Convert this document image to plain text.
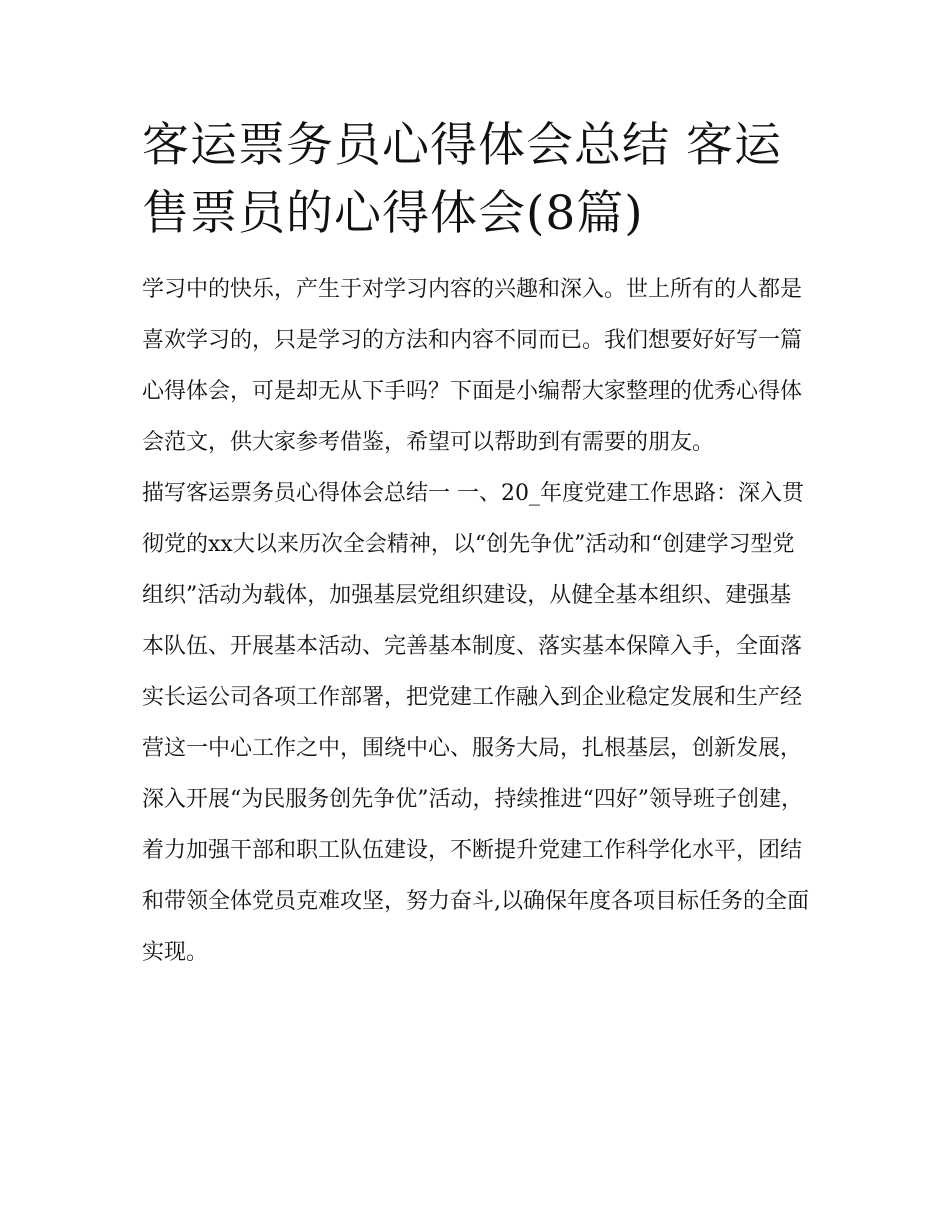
客运票务员心得体会总结 客运售票员的心得体会(8篇)

学习中的快乐，产生于对学习内容的兴趣和深入。世上所有的人都是喜欢学习的，只是学习的方法和内容不同而已。我们想要好好写一篇心得体会，可是却无从下手吗？下面是小编帮大家整理的优秀心得体会范文，供大家参考借鉴，希望可以帮助到有需要的朋友。

描写客运票务员心得体会总结一 一、20_年度党建工作思路：深入贯彻党的xx大以来历次全会精神，以“创先争优”活动和“创建学习型党组织”活动为载体，加强基层党组织建设，从健全基本组织、建强基本队伍、开展基本活动、完善基本制度、落实基本保障入手，全面落实长运公司各项工作部署，把党建工作融入到企业稳定发展和生产经营这一中心工作之中，围绕中心、服务大局，扎根基层，创新发展，深入开展“为民服务创先争优”活动，持续推进“四好”领导班子创建，着力加强干部和职工队伍建设，不断提升党建工作科学化水平，团结和带领全体党员克难攻坚，努力奋斗,以确保年度各项目标任务的全面实现。
